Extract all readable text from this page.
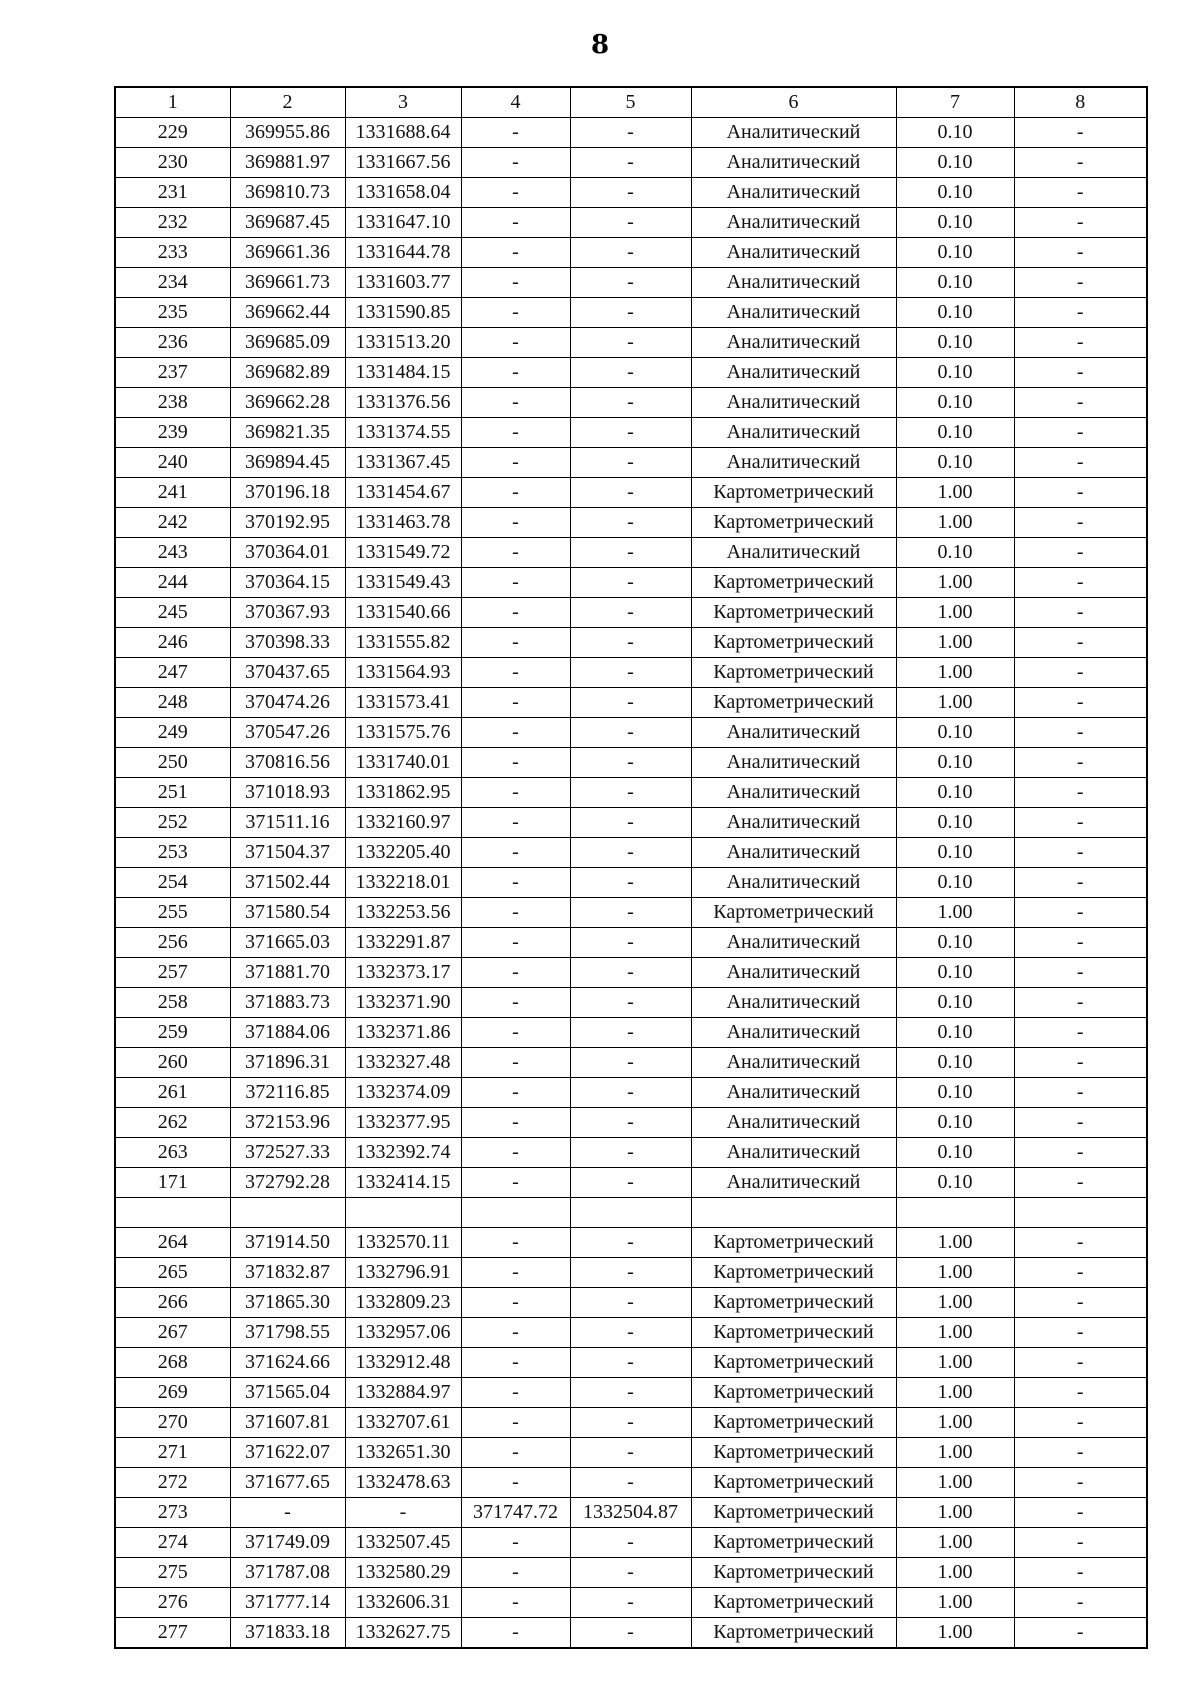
8
1	2	3	4	5	6	7	8
229	369955.86	1331688.64	-	-	Аналитический	0.10	-
230	369881.97	1331667.56	-	-	Аналитический	0.10	-
231	369810.73	1331658.04	-	-	Аналитический	0.10	-
232	369687.45	1331647.10	-	-	Аналитический	0.10	-
233	369661.36	1331644.78	-	-	Аналитический	0.10	-
234	369661.73	1331603.77	-	-	Аналитический	0.10	-
235	369662.44	1331590.85	-	-	Аналитический	0.10	-
236	369685.09	1331513.20	-	-	Аналитический	0.10	-
237	369682.89	1331484.15	-	-	Аналитический	0.10	-
238	369662.28	1331376.56	-	-	Аналитический	0.10	-
239	369821.35	1331374.55	-	-	Аналитический	0.10	-
240	369894.45	1331367.45	-	-	Аналитический	0.10	-
241	370196.18	1331454.67	-	-	Картометрический	1.00	-
242	370192.95	1331463.78	-	-	Картометрический	1.00	-
243	370364.01	1331549.72	-	-	Аналитический	0.10	-
244	370364.15	1331549.43	-	-	Картометрический	1.00	-
245	370367.93	1331540.66	-	-	Картометрический	1.00	-
246	370398.33	1331555.82	-	-	Картометрический	1.00	-
247	370437.65	1331564.93	-	-	Картометрический	1.00	-
248	370474.26	1331573.41	-	-	Картометрический	1.00	-
249	370547.26	1331575.76	-	-	Аналитический	0.10	-
250	370816.56	1331740.01	-	-	Аналитический	0.10	-
251	371018.93	1331862.95	-	-	Аналитический	0.10	-
252	371511.16	1332160.97	-	-	Аналитический	0.10	-
253	371504.37	1332205.40	-	-	Аналитический	0.10	-
254	371502.44	1332218.01	-	-	Аналитический	0.10	-
255	371580.54	1332253.56	-	-	Картометрический	1.00	-
256	371665.03	1332291.87	-	-	Аналитический	0.10	-
257	371881.70	1332373.17	-	-	Аналитический	0.10	-
258	371883.73	1332371.90	-	-	Аналитический	0.10	-
259	371884.06	1332371.86	-	-	Аналитический	0.10	-
260	371896.31	1332327.48	-	-	Аналитический	0.10	-
261	372116.85	1332374.09	-	-	Аналитический	0.10	-
262	372153.96	1332377.95	-	-	Аналитический	0.10	-
263	372527.33	1332392.74	-	-	Аналитический	0.10	-
171	372792.28	1332414.15	-	-	Аналитический	0.10	-

264	371914.50	1332570.11	-	-	Картометрический	1.00	-
265	371832.87	1332796.91	-	-	Картометрический	1.00	-
266	371865.30	1332809.23	-	-	Картометрический	1.00	-
267	371798.55	1332957.06	-	-	Картометрический	1.00	-
268	371624.66	1332912.48	-	-	Картометрический	1.00	-
269	371565.04	1332884.97	-	-	Картометрический	1.00	-
270	371607.81	1332707.61	-	-	Картометрический	1.00	-
271	371622.07	1332651.30	-	-	Картометрический	1.00	-
272	371677.65	1332478.63	-	-	Картометрический	1.00	-
273	-	-	371747.72	1332504.87	Картометрический	1.00	-
274	371749.09	1332507.45	-	-	Картометрический	1.00	-
275	371787.08	1332580.29	-	-	Картометрический	1.00	-
276	371777.14	1332606.31	-	-	Картометрический	1.00	-
277	371833.18	1332627.75	-	-	Картометрический	1.00	-
